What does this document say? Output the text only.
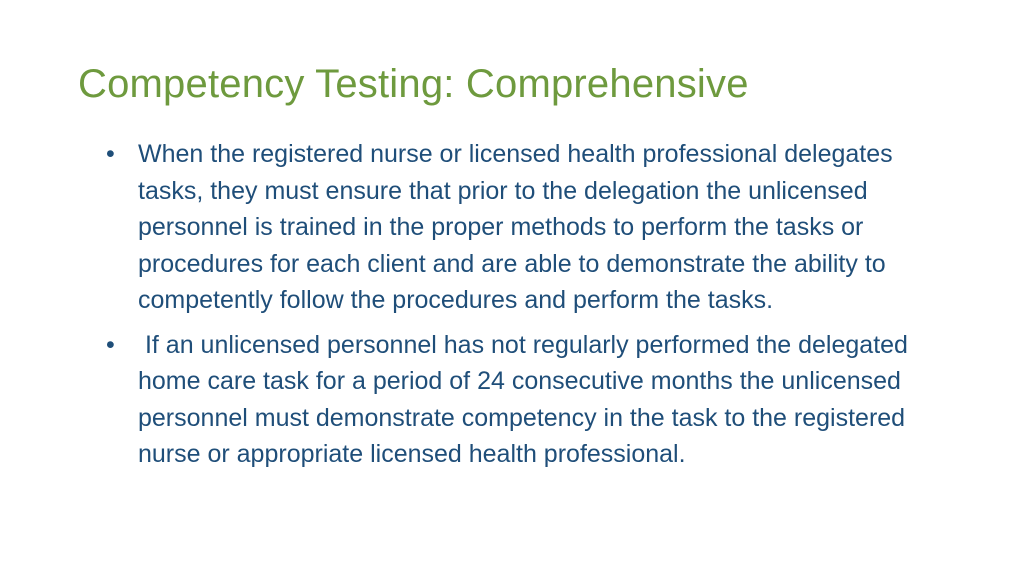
Competency Testing: Comprehensive
• When the registered nurse or licensed health professional delegates tasks, they must ensure that prior to the delegation the unlicensed personnel is trained in the proper methods to perform the tasks or procedures for each client and are able to demonstrate the ability to competently follow the procedures and perform the tasks.
• If an unlicensed personnel has not regularly performed the delegated home care task for a period of 24 consecutive months the unlicensed personnel must demonstrate competency in the task to the registered nurse or appropriate licensed health professional.
